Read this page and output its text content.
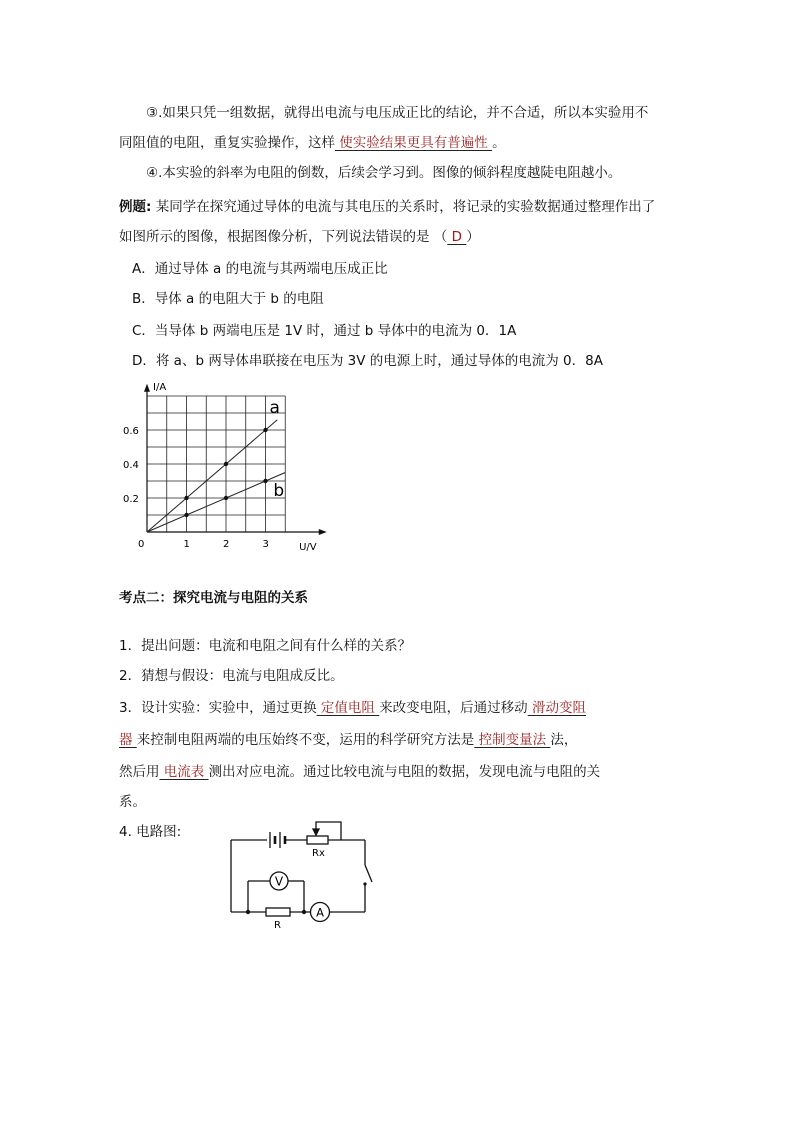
③.如果只凭一组数据，就得出电流与电压成正比的结论，并不合适，所以本实验用不
同阻值的电阻，重复实验操作，这样 使实验结果更具有普遍性 。
④.本实验的斜率为电阻的倒数，后续会学习到。图像的倾斜程度越陡电阻越小。
例题: 某同学在探究通过导体的电流与其电压的关系时，将记录的实验数据通过整理作出了
如图所示的图像，根据图像分析，下列说法错误的是 （ D ）
A．通过导体 a 的电流与其两端电压成正比
B．导体 a 的电阻大于 b 的电阻
C．当导体 b 两端电压是 1V 时，通过 b 导体中的电流为 0．1A
D．将 a、b 两导体串联接在电压为 3V 的电源上时，通过导体的电流为 0．8A
I/A
U/V
0	1	2	3
0.2
0.4
0.6
a
b
考点二：探究电流与电阻的关系
1．提出问题：电流和电阻之间有什么样的关系？
2．猜想与假设：电流与电阻成反比。
3．设计实验：实验中，通过更换 定值电阻 来改变电阻，后通过移动 滑动变阻
器 来控制电阻两端的电压始终不变，运用的科学研究方法是 控制变量法 法，
然后用 电流表 测出对应电流。通过比较电流与电阻的数据，发现电流与电阻的关
系。
4. 电路图:
V
A
Rx
R
